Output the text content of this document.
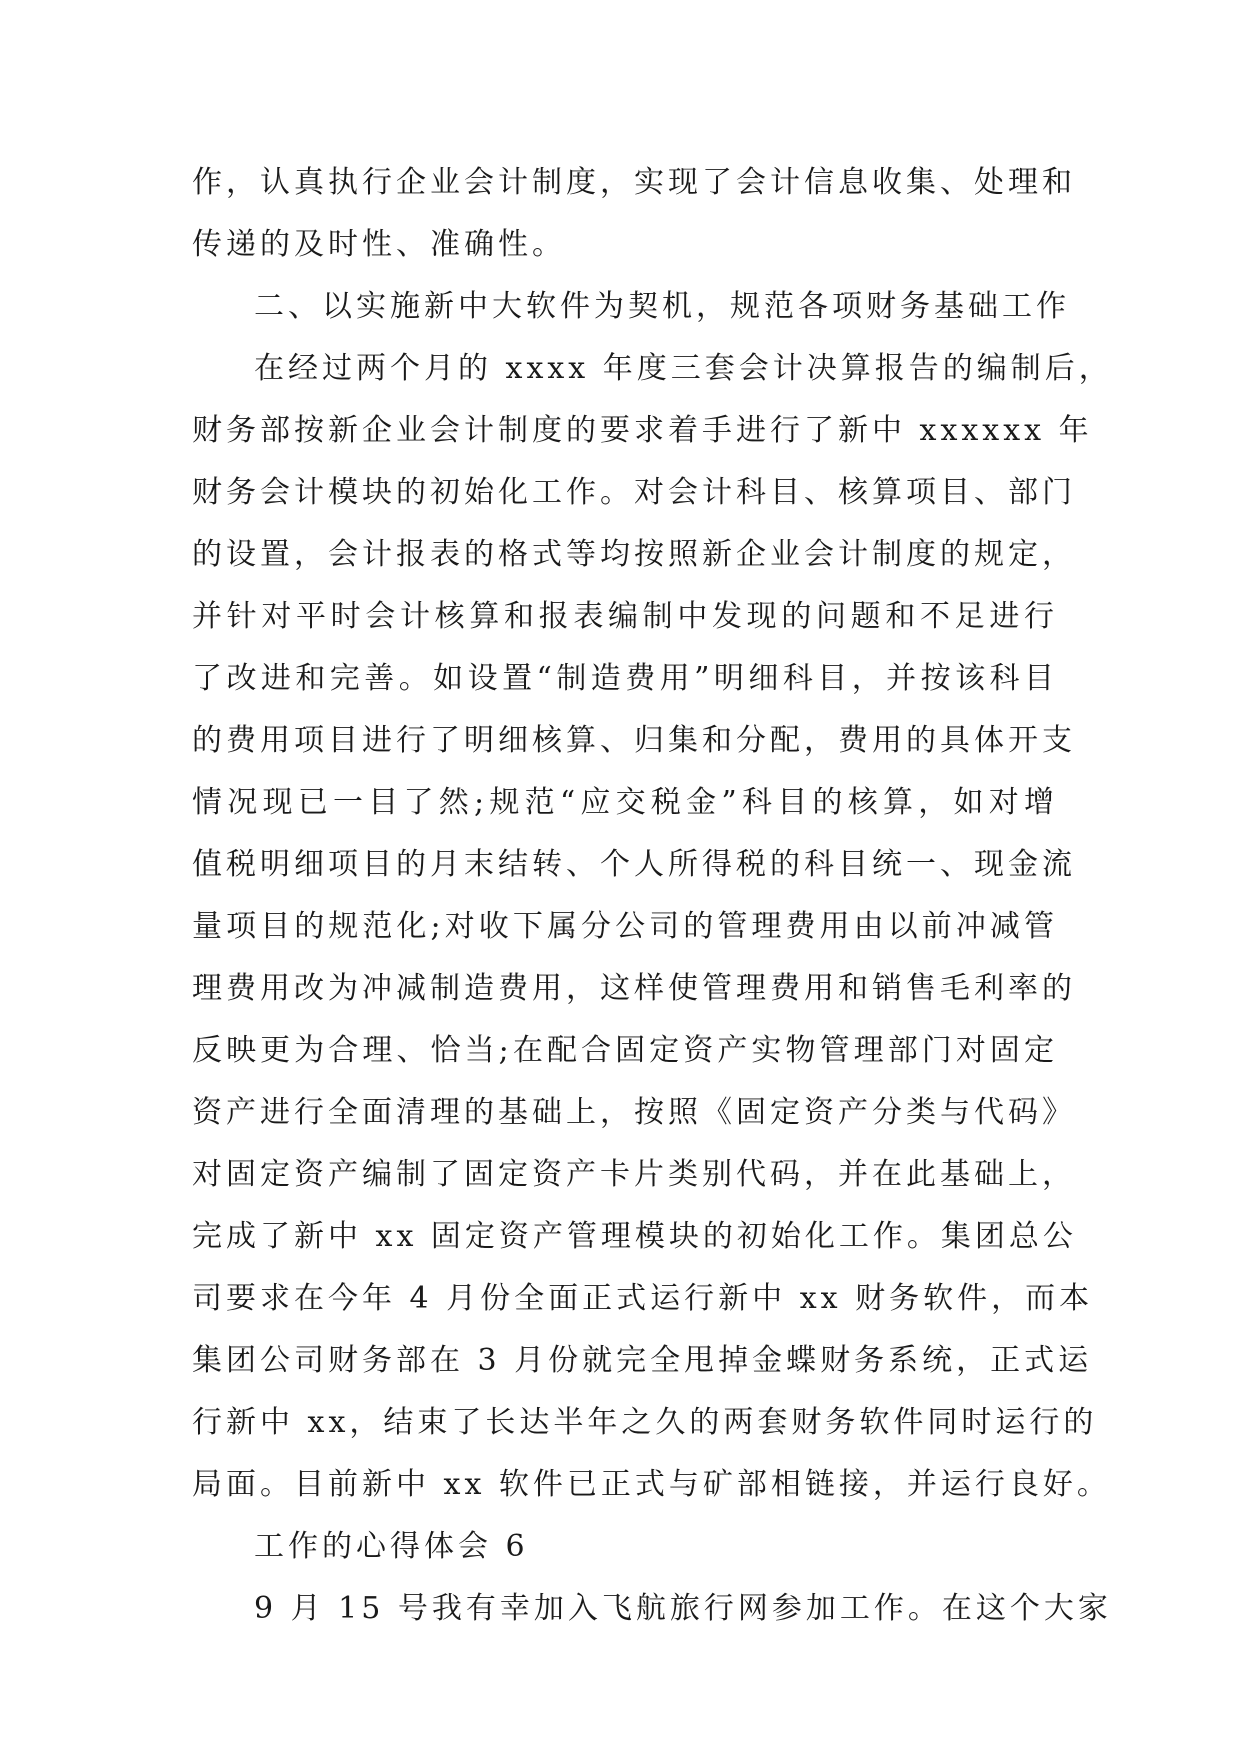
作，认真执行企业会计制度，实现了会计信息收集、处理和
传递的及时性、准确性。
二、以实施新中大软件为契机，规范各项财务基础工作
在经过两个月的 xxxx 年度三套会计决算报告的编制后，
财务部按新企业会计制度的要求着手进行了新中 xxxxxx 年
财务会计模块的初始化工作。对会计科目、核算项目、部门
的设置，会计报表的格式等均按照新企业会计制度的规定，
并针对平时会计核算和报表编制中发现的问题和不足进行
了改进和完善。如设置“制造费用”明细科目，并按该科目
的费用项目进行了明细核算、归集和分配，费用的具体开支
情况现已一目了然;规范“应交税金”科目的核算，如对增
值税明细项目的月末结转、个人所得税的科目统一、现金流
量项目的规范化;对收下属分公司的管理费用由以前冲减管
理费用改为冲减制造费用，这样使管理费用和销售毛利率的
反映更为合理、恰当;在配合固定资产实物管理部门对固定
资产进行全面清理的基础上，按照《固定资产分类与代码》
对固定资产编制了固定资产卡片类别代码，并在此基础上，
完成了新中 xx 固定资产管理模块的初始化工作。集团总公
司要求在今年 4 月份全面正式运行新中 xx 财务软件，而本
集团公司财务部在 3 月份就完全甩掉金蝶财务系统，正式运
行新中 xx，结束了长达半年之久的两套财务软件同时运行的
局面。目前新中 xx 软件已正式与矿部相链接，并运行良好。
工作的心得体会 6
9 月 15 号我有幸加入飞航旅行网参加工作。在这个大家
